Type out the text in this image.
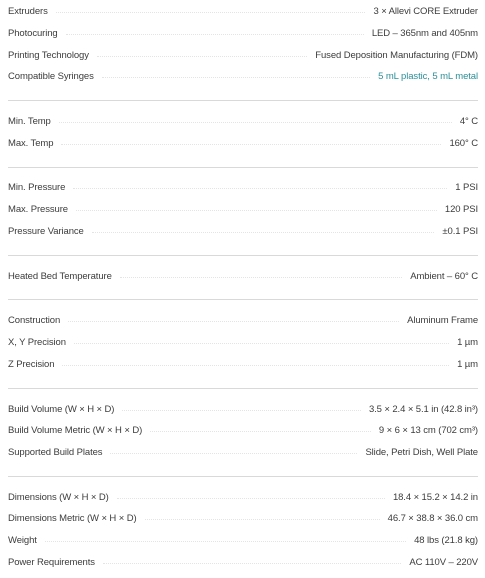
Extruders	3 × Allevi CORE Extruder
Photocuring	LED – 365nm and 405nm
Printing Technology	Fused Deposition Manufacturing (FDM)
Compatible Syringes	5 mL plastic, 5 mL metal
Min. Temp	4° C
Max. Temp	160° C
Min. Pressure	1 PSI
Max. Pressure	120 PSI
Pressure Variance	±0.1 PSI
Heated Bed Temperature	Ambient – 60° C
Construction	Aluminum Frame
X, Y Precision	1 µm
Z Precision	1 µm
Build Volume (W × H × D)	3.5 × 2.4 × 5.1 in (42.8 in³)
Build Volume Metric (W × H × D)	9 × 6 × 13 cm (702 cm³)
Supported Build Plates	Slide, Petri Dish, Well Plate
Dimensions (W × H × D)	18.4 × 15.2 × 14.2 in
Dimensions Metric (W × H × D)	46.7 × 38.8 × 36.0 cm
Weight	48 lbs (21.8 kg)
Power Requirements	AC 110V – 220V
